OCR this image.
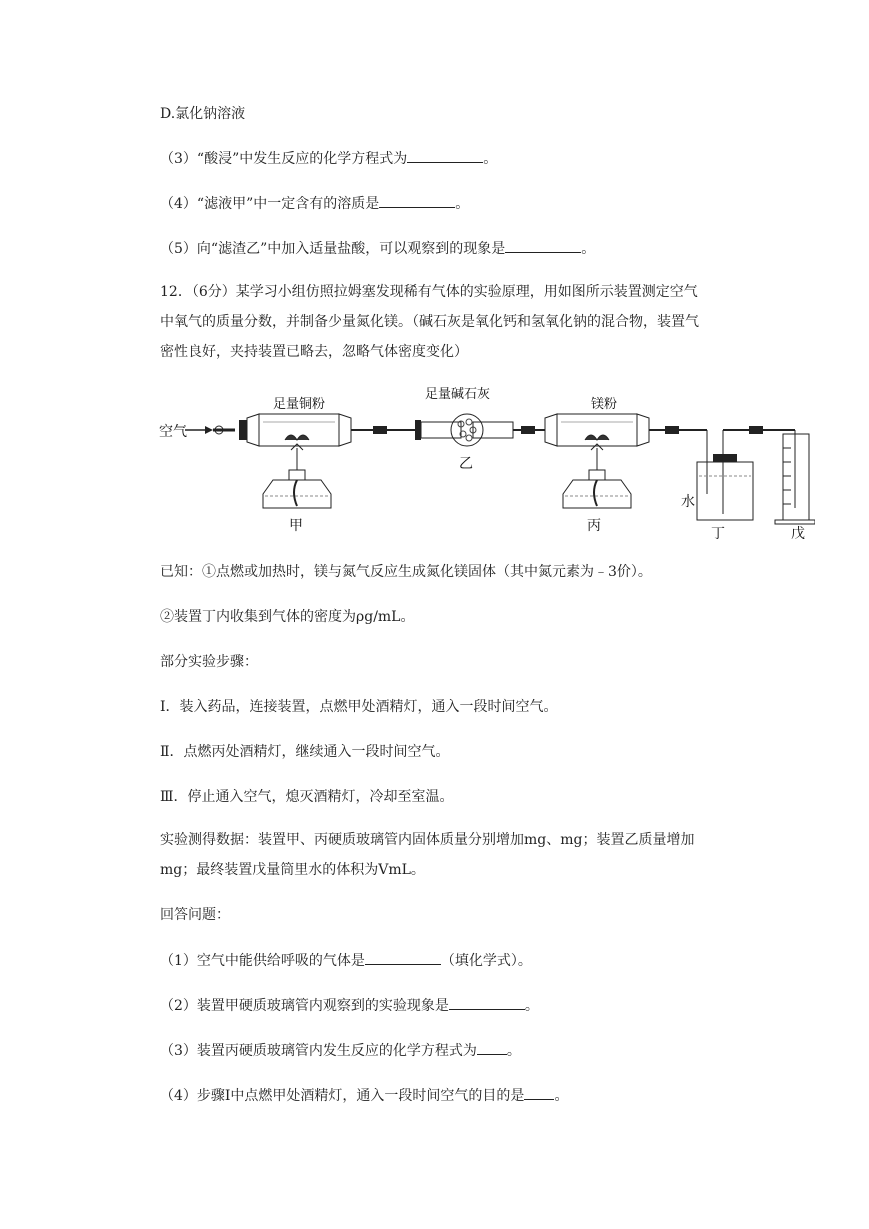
D.氯化钠溶液
（3）“酸浸”中发生反应的化学方程式为	。
（4）“滤液甲”中一定含有的溶质是	。
（5）向“滤渣乙”中加入适量盐酸，可以观察到的现象是	。
12．（6分）某学习小组仿照拉姆塞发现稀有气体的实验原理，用如图所示装置测定空气
中氧气的质量分数，并制备少量氮化镁。（碱石灰是氧化钙和氢氧化钠的混合物，装置气
密性良好，夹持装置已略去，忽略气体密度变化）
空气
足量铜粉
甲
足量碱石灰
乙
镁粉
丙
水
丁	戊
已知：①点燃或加热时，镁与氮气反应生成氮化镁固体（其中氮元素为﹣3价）。
②装置丁内收集到气体的密度为ρg/mL。
部分实验步骤：
Ⅰ．装入药品，连接装置，点燃甲处酒精灯，通入一段时间空气。
Ⅱ．点燃丙处酒精灯，继续通入一段时间空气。
Ⅲ．停止通入空气，熄灭酒精灯，冷却至室温。
实验测得数据：装置甲、丙硬质玻璃管内固体质量分别增加mg、mg；装置乙质量增加
mg；最终装置戊量筒里水的体积为VmL。
回答问题：
（1）空气中能供给呼吸的气体是	（填化学式）。
（2）装置甲硬质玻璃管内观察到的实验现象是	。
（3）装置丙硬质玻璃管内发生反应的化学方程式为 。
（4）步骤Ⅰ中点燃甲处酒精灯，通入一段时间空气的目的是 。
